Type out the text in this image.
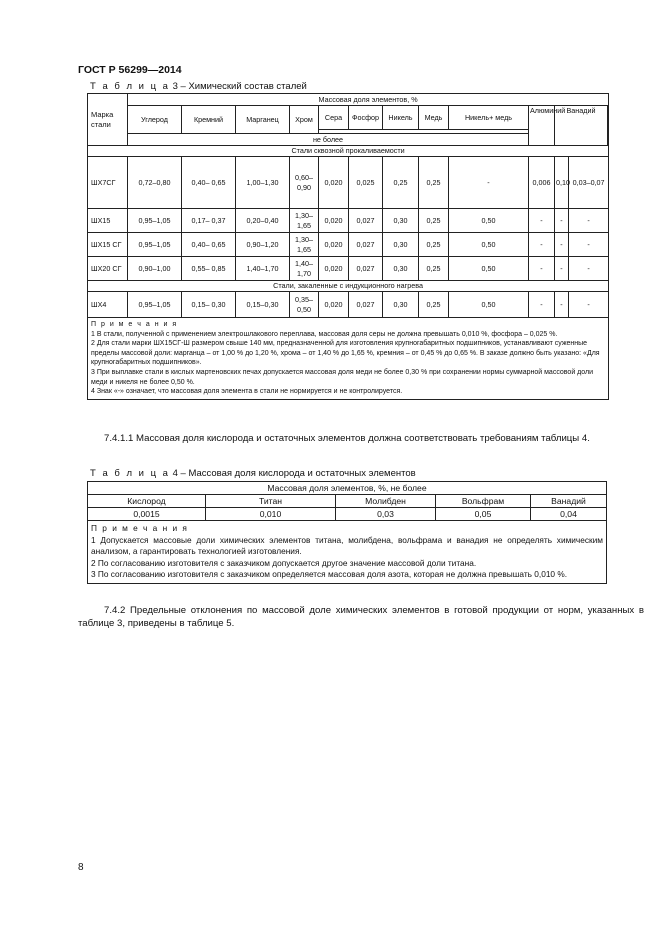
ГОСТ Р 56299—2014
Т а б л и ц а 3 – Химический состав сталей
Марка стали	Массовая доля элементов, %												
	Углерод	Кремний	Марганец	Хром	Сера	Фосфор	Никель	Медь	Никель+ медь	Алюминий	Ванадий	

	не более												
Стали сквозной прокаливаемости													
ШХ7СГ	0,72–0,80	0,40– 0,65	1,00–1,30	0,60– 0,90	0,020	0,025	0,25	0,25	-	0,006	0,10	0,03–0,07	
ШХ15	0,95–1,05	0,17– 0,37	0,20–0,40	1,30– 1,65	0,020	0,027	0,30	0,25	0,50	-	-	-	
ШХ15 СГ	0,95–1,05	0,40– 0,65	0,90–1,20	1,30– 1,65	0,020	0,027	0,30	0,25	0,50	-	-	-	
ШХ20 СГ	0,90–1,00	0,55– 0,85	1,40–1,70	1,40– 1,70	0,020	0,027	0,30	0,25	0,50	-	-	-	
Стали, закаленные с индукционного нагрева													
ШХ4	0,95–1,05	0,15– 0,30	0,15–0,30	0,35– 0,50	0,020	0,027	0,30	0,25	0,50	-	-	-	

П р и м е ч а н и я
1 В стали, полученной с применением электрошлакового переплава, массовая доля серы не должна превышать 0,010 %, фосфора – 0,025 %.
2 Для стали марки ШХ15СГ-Ш размером свыше 140 мм, предназначенной для изготовления крупногабаритных подшипников, устанавливают суженные пределы массовой доли: марганца – от 1,00 % до 1,20 %, хрома – от 1,40 % до 1,65 %, кремния – от 0,45 % до 0,65 %. В заказе должно быть указано: «Для крупногабаритных подшипников».
3 При выплавке стали в кислых мартеновских печах допускается массовая доля меди не более 0,30 % при сохранении нормы суммарной массовой доли меди и никеля не более 0,50 %.
4 Знак «-» означает, что массовая доля элемента в стали не нормируется и не контролируется.													
7.4.1.1 Массовая доля кислорода и остаточных элементов должна соответствовать требованиям таблицы 4.
Т а б л и ц а 4 – Массовая доля кислорода и остаточных элементов
Массовая доля элементов, %, не более				
Кислород	Титан	Молибден	Вольфрам	Ванадий
0,0015	0,010	0,03	0,05	0,04

П р и м е ч а н и я
1 Допускается массовые доли химических элементов титана, молибдена, вольфрама и ванадия не определять химическим анализом, а гарантировать технологией изготовления.
2 По согласованию изготовителя с заказчиком допускается другое значение массовой доли титана.
3 По согласованию изготовителя с заказчиком определяется массовая доля азота, которая не должна превышать 0,010 %.				
7.4.2 Предельные отклонения по массовой доле химических элементов в готовой продукции от норм, указанных в таблице 3, приведены в таблице 5.
8
